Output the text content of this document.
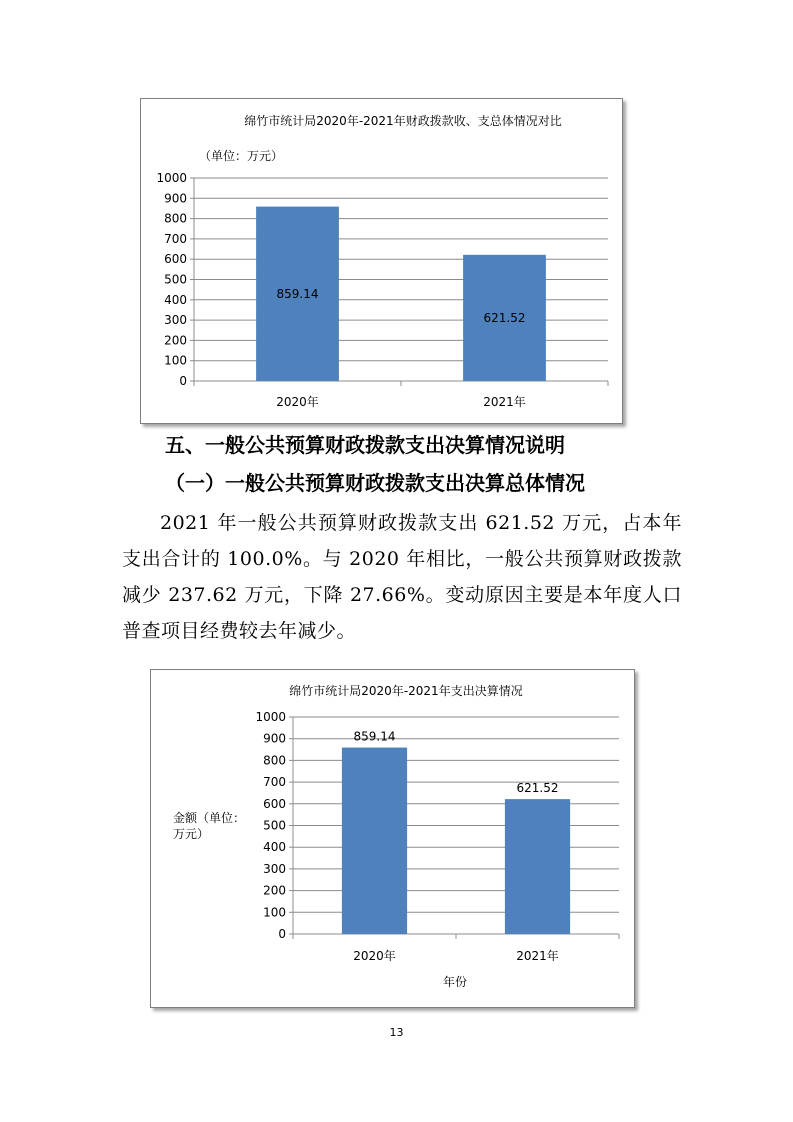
绵竹市统计局2020年-2021年财政拨款收、支总体情况对比
（单位：万元）
0
100
200
300
400
500
600
700
800
900
1000
859.14
2020年
621.52
2021年
五、一般公共预算财政拨款支出决算情况说明
（一）一般公共预算财政拨款支出决算总体情况

2021 年一般公共预算财政拨款支出 621.52 万元，占本年支出合计的 100.0%。与 2020 年相比，一般公共预算财政拨款减少 237.62 万元，下降 27.66%。变动原因主要是本年度人口普查项目经费较去年减少。

绵竹市统计局2020年-2021年支出决算情况
0
100
200
300
400
500
600
700
800
900
1000
859.14
2020年
621.52
2021年
年份
金额（单位：
万元）
13
